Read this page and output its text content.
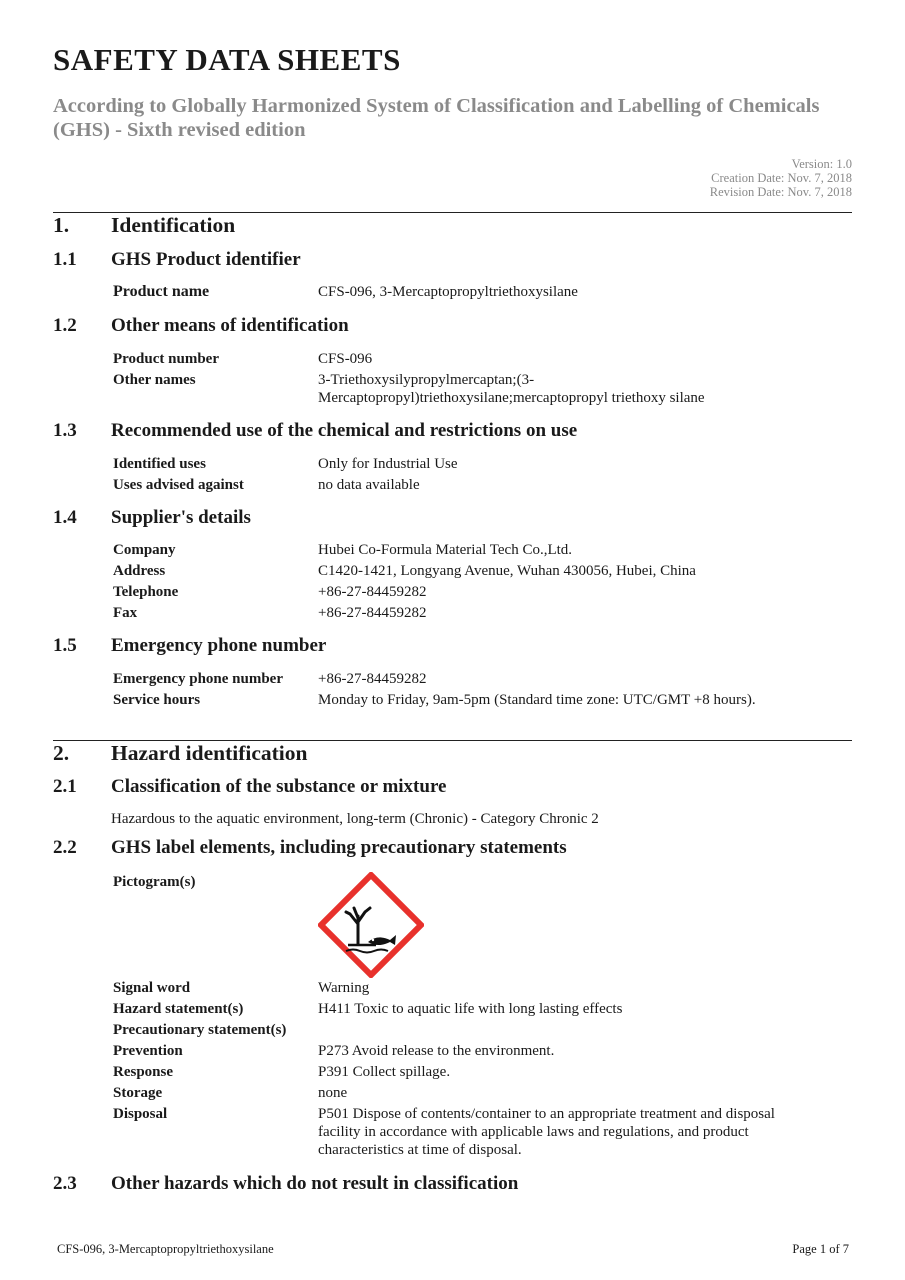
SAFETY DATA SHEETS
According to Globally Harmonized System of Classification and Labelling of Chemicals (GHS) - Sixth revised edition
Version: 1.0
Creation Date: Nov. 7, 2018
Revision Date: Nov. 7, 2018
1. Identification
1.1 GHS Product identifier
Product name	CFS-096, 3-Mercaptopropyltriethoxysilane
1.2 Other means of identification
Product number	CFS-096
Other names	3-Triethoxysilypropylmercaptan;(3-Mercaptopropyl)triethoxysilane;mercaptopropyl triethoxy silane
1.3 Recommended use of the chemical and restrictions on use
Identified uses	Only for Industrial Use
Uses advised against	no data available
1.4 Supplier's details
Company	Hubei Co-Formula Material Tech Co.,Ltd.
Address	C1420-1421, Longyang Avenue, Wuhan 430056, Hubei, China
Telephone	+86-27-84459282
Fax	+86-27-84459282
1.5 Emergency phone number
Emergency phone number +86-27-84459282
Service hours	Monday to Friday, 9am-5pm (Standard time zone: UTC/GMT +8 hours).
2. Hazard identification
2.1 Classification of the substance or mixture
Hazardous to the aquatic environment, long-term (Chronic) - Category Chronic 2
2.2 GHS label elements, including precautionary statements
Pictogram(s)
Signal word	Warning
Hazard statement(s)	H411 Toxic to aquatic life with long lasting effects
Precautionary statement(s)
Prevention	P273 Avoid release to the environment.
Response	P391 Collect spillage.
Storage	none
Disposal	P501 Dispose of contents/container to an appropriate treatment and disposal facility in accordance with applicable laws and regulations, and product characteristics at time of disposal.
2.3 Other hazards which do not result in classification
CFS-096, 3-Mercaptopropyltriethoxysilane	Page 1 of 7
